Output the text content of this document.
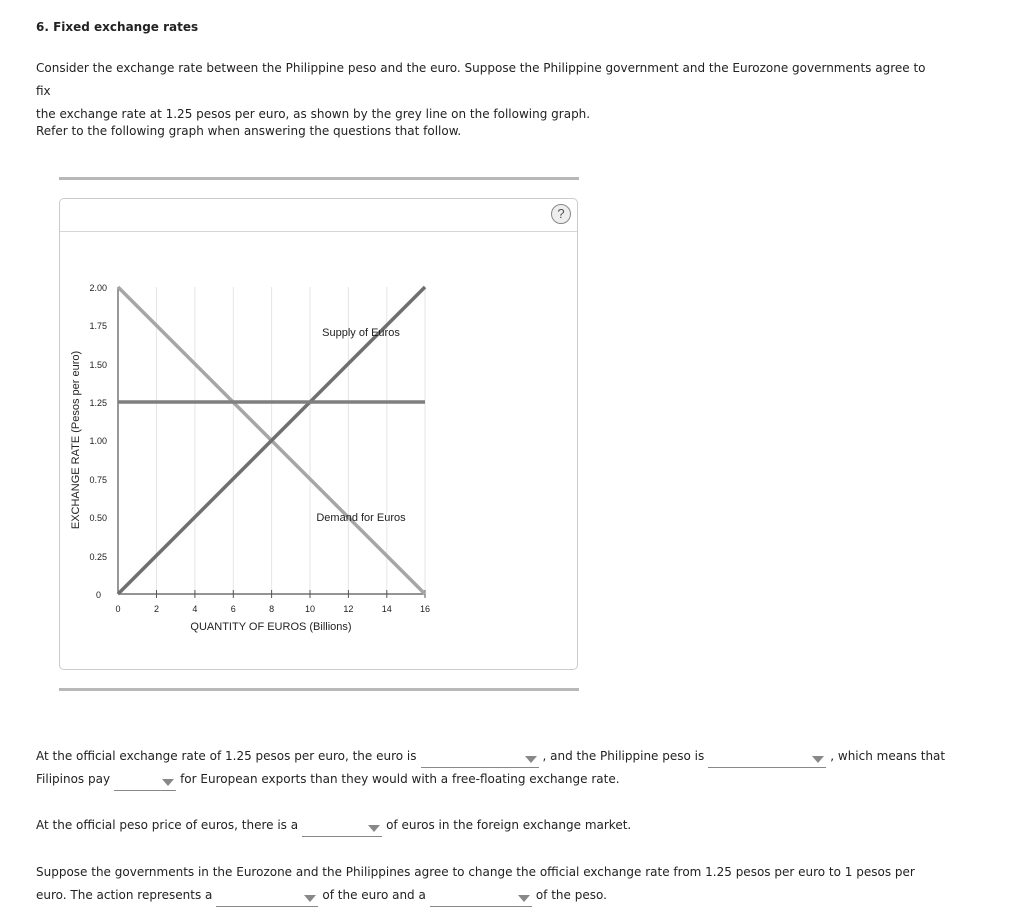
6. Fixed exchange rates

Consider the exchange rate between the Philippine peso and the euro. Suppose the Philippine government and the Eurozone governments agree to fix
the exchange rate at 1.25 pesos per euro, as shown by the grey line on the following graph.

Refer to the following graph when answering the questions that follow.

?
0	2	4	6	8	10	12	14	16
0
0.25
0.50
0.75
1.00
1.25
1.50
1.75
2.00
QUANTITY OF EUROS (Billions)
EXCHANGE RATE (Pesos per euro)
Supply of Euros
Demand for Euros

At the official exchange rate of 1.25 pesos per euro, the euro is	, and the Philippine peso is	, which means that
Filipinos pay	for European exports than they would with a free-floating exchange rate.

At the official peso price of euros, there is a	of euros in the foreign exchange market.

Suppose the governments in the Eurozone and the Philippines agree to change the official exchange rate from 1.25 pesos per euro to 1 pesos per
euro. The action represents a	of the euro and a	of the peso.
